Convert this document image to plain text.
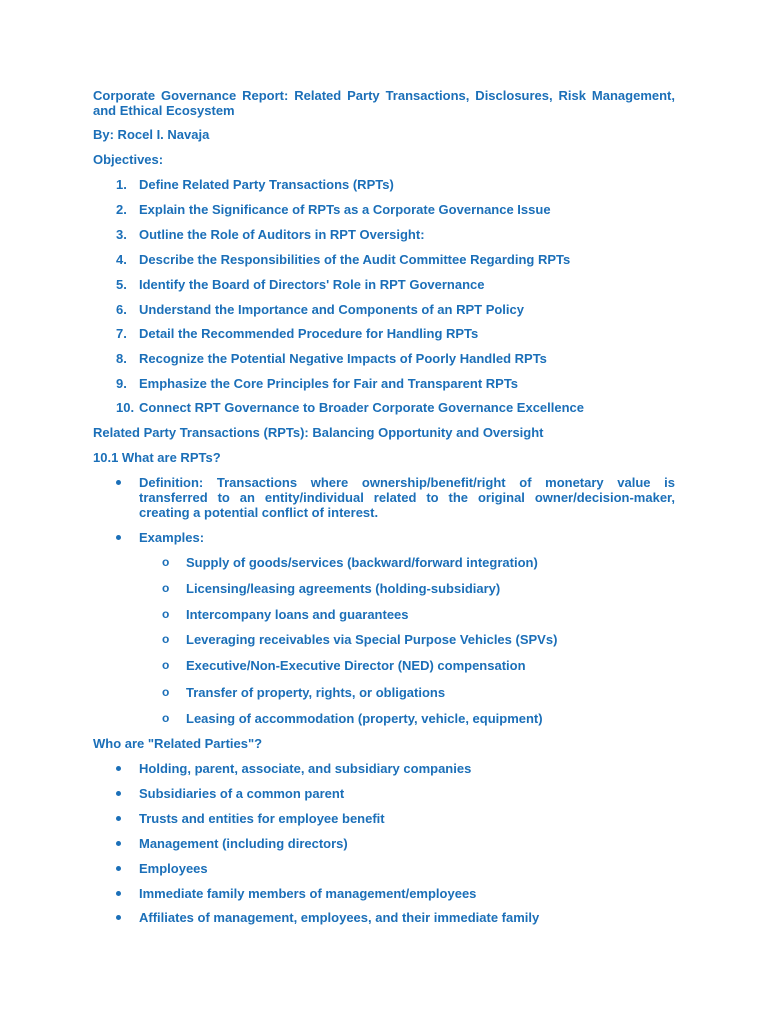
Corporate Governance Report: Related Party Transactions, Disclosures, Risk Management, and Ethical Ecosystem
By: Rocel I. Navaja
Objectives:
1. Define Related Party Transactions (RPTs)
2. Explain the Significance of RPTs as a Corporate Governance Issue
3. Outline the Role of Auditors in RPT Oversight:
4. Describe the Responsibilities of the Audit Committee Regarding RPTs
5. Identify the Board of Directors' Role in RPT Governance
6. Understand the Importance and Components of an RPT Policy
7. Detail the Recommended Procedure for Handling RPTs
8. Recognize the Potential Negative Impacts of Poorly Handled RPTs
9. Emphasize the Core Principles for Fair and Transparent RPTs
10. Connect RPT Governance to Broader Corporate Governance Excellence
Related Party Transactions (RPTs): Balancing Opportunity and Oversight
10.1 What are RPTs?
Definition: Transactions where ownership/benefit/right of monetary value is transferred to an entity/individual related to the original owner/decision-maker, creating a potential conflict of interest.
Examples:
o Supply of goods/services (backward/forward integration)
o Licensing/leasing agreements (holding-subsidiary)
o Intercompany loans and guarantees
o Leveraging receivables via Special Purpose Vehicles (SPVs)
o Executive/Non-Executive Director (NED) compensation
o Transfer of property, rights, or obligations
o Leasing of accommodation (property, vehicle, equipment)
Who are "Related Parties"?
Holding, parent, associate, and subsidiary companies
Subsidiaries of a common parent
Trusts and entities for employee benefit
Management (including directors)
Employees
Immediate family members of management/employees
Affiliates of management, employees, and their immediate family
